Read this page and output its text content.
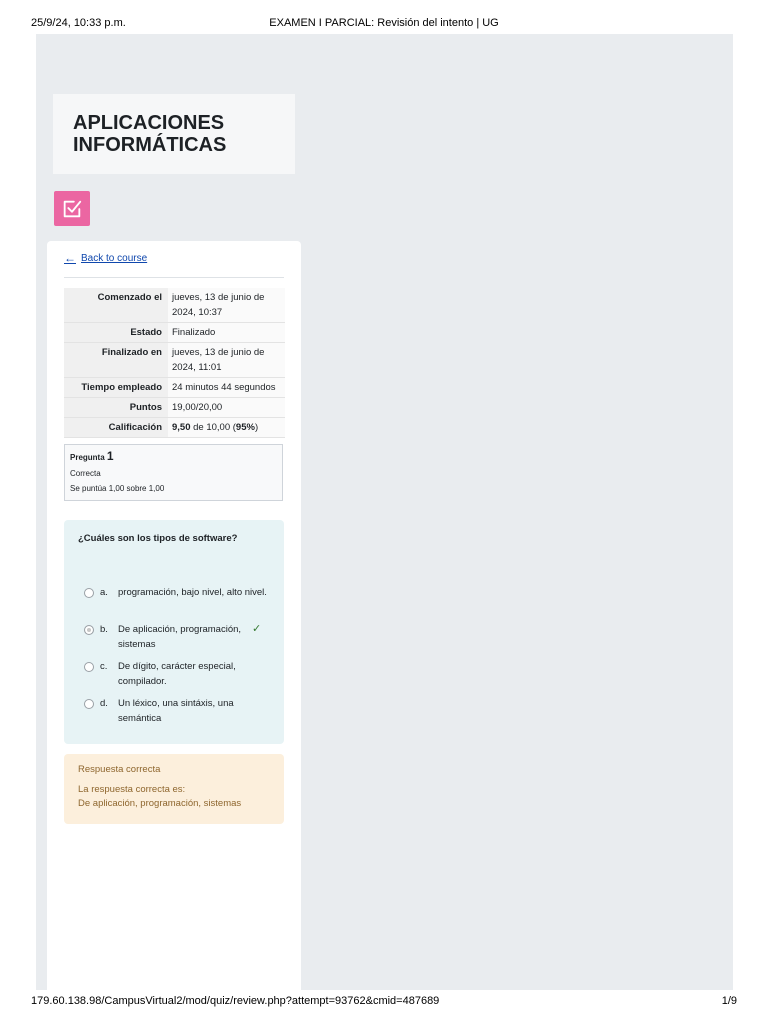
25/9/24, 10:33 p.m.	EXAMEN I PARCIAL: Revisión del intento | UG
APLICACIONES INFORMÁTICAS
← Back to course
Comenzado el	jueves, 13 de junio de 2024, 10:37
Estado	Finalizado
Finalizado en	jueves, 13 de junio de 2024, 11:01
Tiempo empleado	24 minutos 44 segundos
Puntos	19,00/20,00
Calificación	9,50 de 10,00 (95%)
Pregunta 1
Correcta
Se puntúa 1,00 sobre 1,00
¿Cuáles son los tipos de software?
a.	programación, bajo nivel, alto nivel.
b.	De aplicación, programación, sistemas
✓
c.	De dígito, carácter especial, compilador.
d.	Un léxico, una sintáxis, una semántica
Respuesta correcta
La respuesta correcta es:
De aplicación, programación, sistemas
179.60.138.98/CampusVirtual2/mod/quiz/review.php?attempt=93762&cmid=487689	1/9
